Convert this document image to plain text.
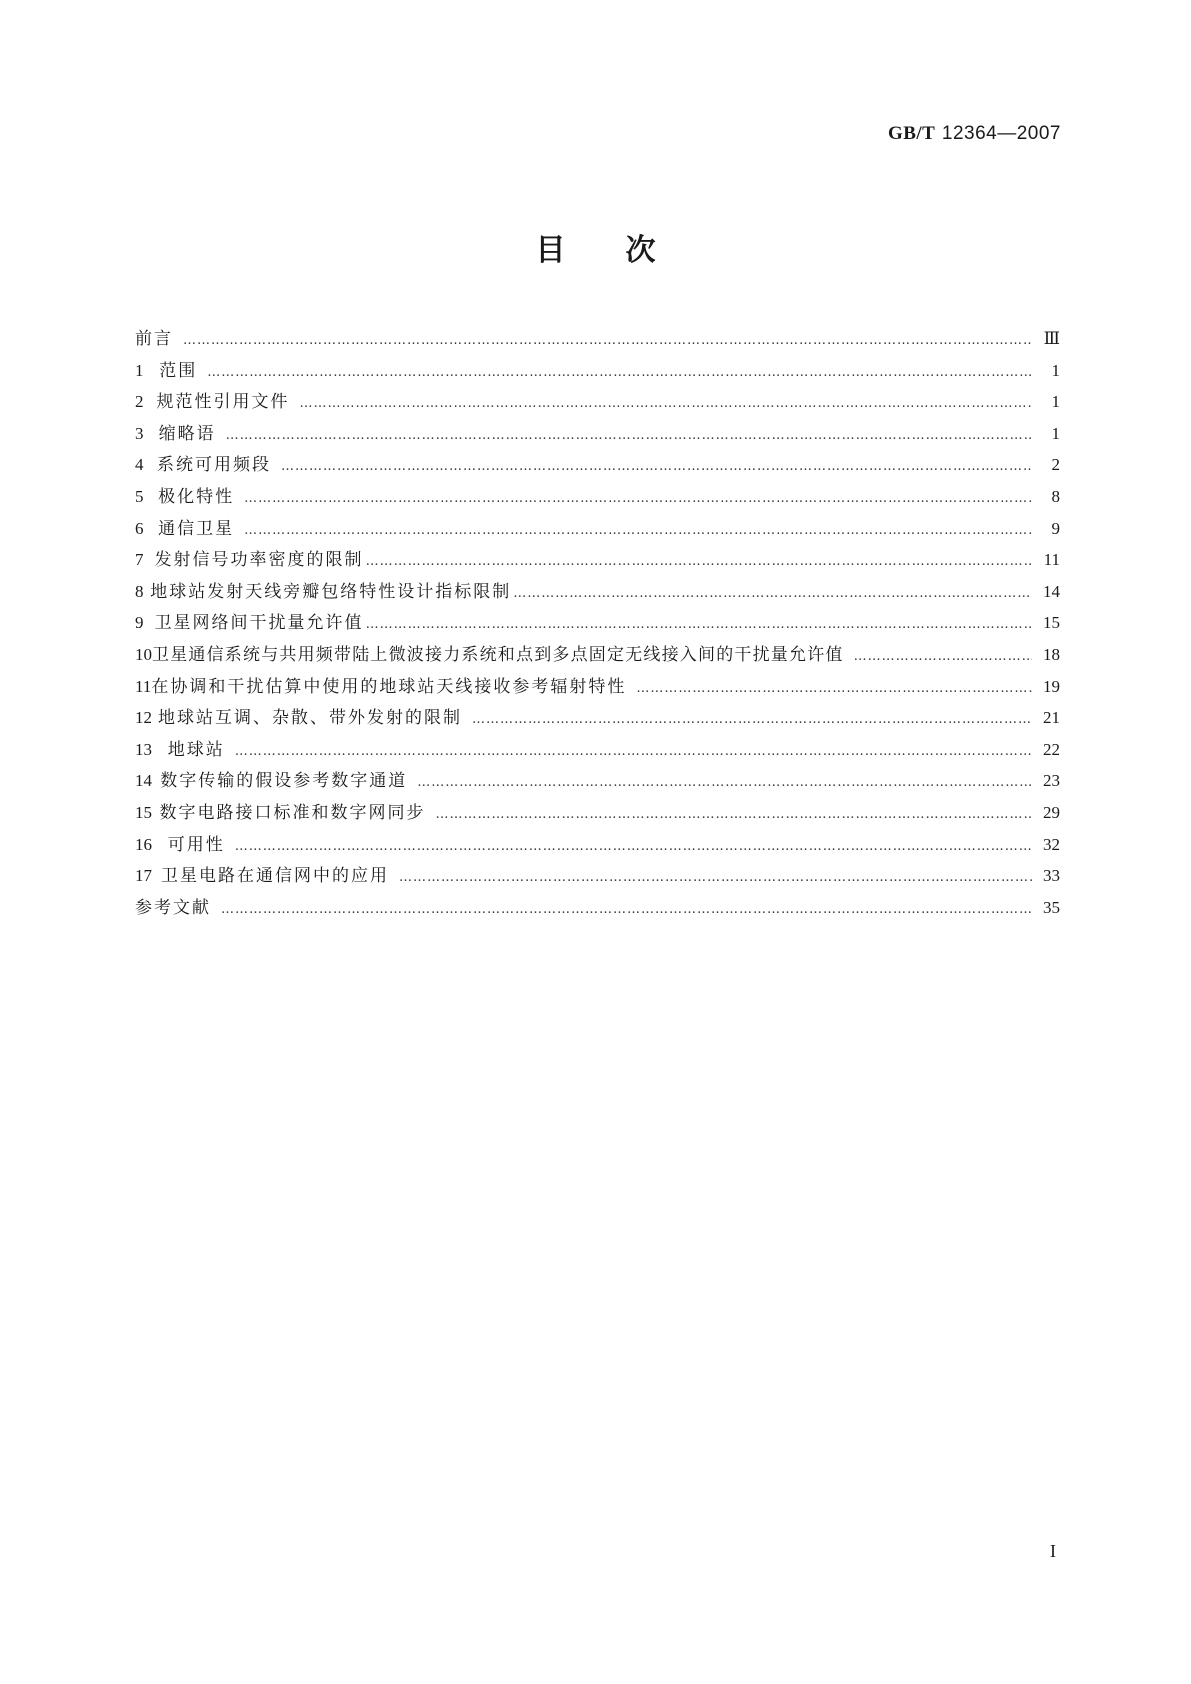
GB/T 12364—2007
目次
前言 …………………………………………………………………………………………………………………………………………………………………………………………………	Ⅲ
1 范围 …………………………………………………………………………………………………………………………………………………………………………………………………	1
2 规范性引用文件 …………………………………………………………………………………………………………………………………………………………………………………………………	1
3 缩略语 …………………………………………………………………………………………………………………………………………………………………………………………………	1
4 系统可用频段 …………………………………………………………………………………………………………………………………………………………………………………………………	2
5 极化特性 …………………………………………………………………………………………………………………………………………………………………………………………………	8
6 通信卫星 …………………………………………………………………………………………………………………………………………………………………………………………………	9
7 发射信号功率密度的限制 …………………………………………………………………………………………………………………………………………………………………………………………………	11
8 地球站发射天线旁瓣包络特性设计指标限制 …………………………………………………………………………………………………………………………………………………………………………………………………	14
9 卫星网络间干扰量允许值 …………………………………………………………………………………………………………………………………………………………………………………………………	15
10 卫星通信系统与共用频带陆上微波接力系统和点到多点固定无线接入间的干扰量允许值 …………………………………………………………………………………………………………………………………………………………………………………………………	18
11 在协调和干扰估算中使用的地球站天线接收参考辐射特性 …………………………………………………………………………………………………………………………………………………………………………………………………	19
12 地球站互调、杂散、带外发射的限制 …………………………………………………………………………………………………………………………………………………………………………………………………	21
13 地球站 …………………………………………………………………………………………………………………………………………………………………………………………………	22
14 数字传输的假设参考数字通道 …………………………………………………………………………………………………………………………………………………………………………………………………	23
15 数字电路接口标准和数字网同步 …………………………………………………………………………………………………………………………………………………………………………………………………	29
16 可用性 …………………………………………………………………………………………………………………………………………………………………………………………………	32
17 卫星电路在通信网中的应用 …………………………………………………………………………………………………………………………………………………………………………………………………	33
参考文献 …………………………………………………………………………………………………………………………………………………………………………………………………	35
I
